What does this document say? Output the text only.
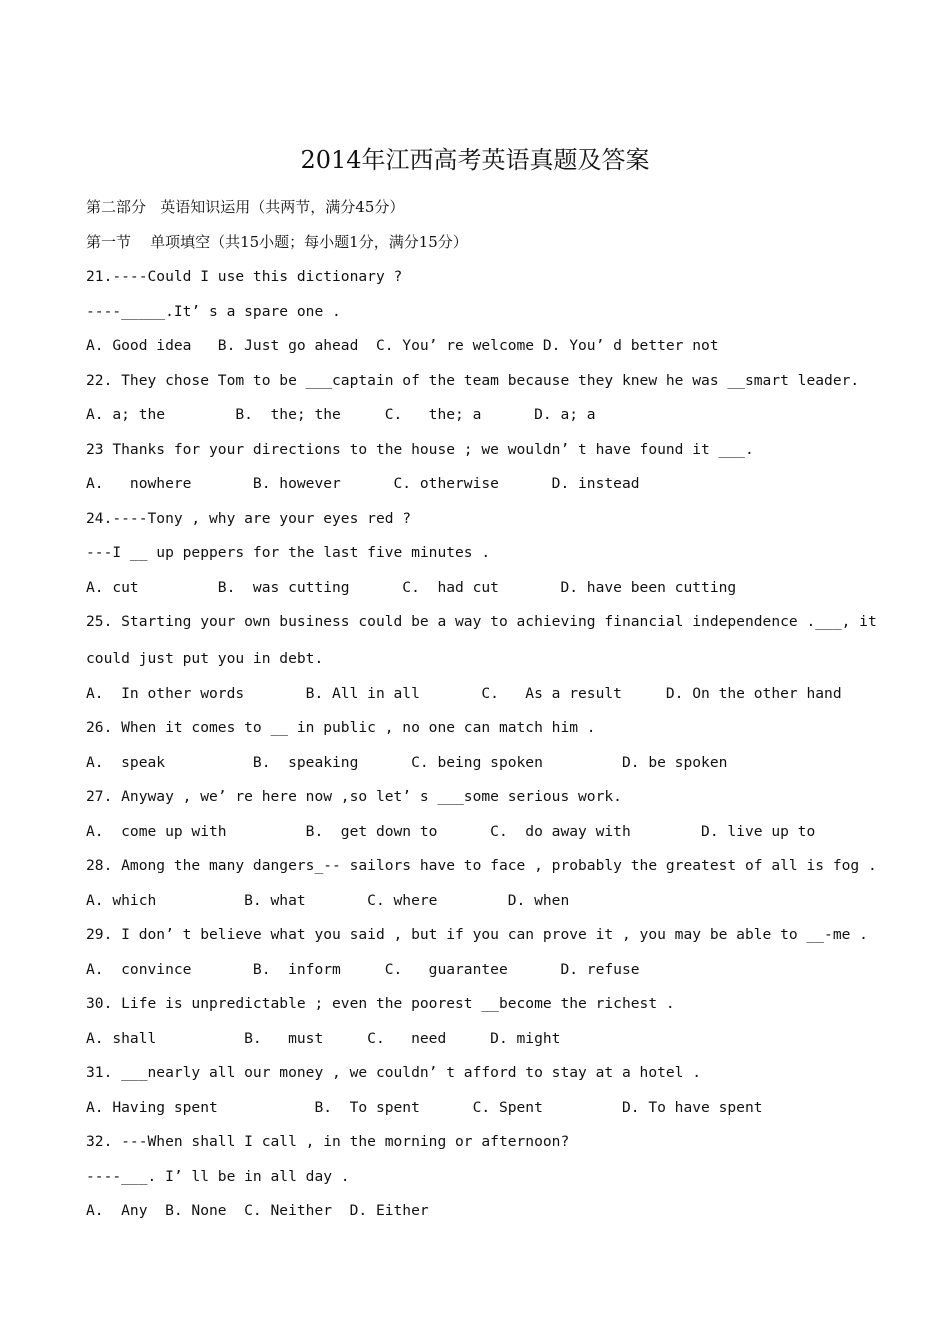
2014年江西高考英语真题及答案

第二部分   英语知识运用（共两节，满分45分）

第一节    单项填空（共15小题；每小题1分，满分15分）

21.----Could I use this dictionary ?

----_____.It’ s a spare one .

A. Good idea   B. Just go ahead  C. You’ re welcome D. You’ d better not

22. They chose Tom to be ___captain of the team because they knew he was __smart leader.

A. a; the        B.  the; the     C.   the; a      D. a; a

23 Thanks for your directions to the house ; we wouldn’ t have found it ___.

A.   nowhere       B. however      C. otherwise      D. instead

24.----Tony , why are your eyes red ?

---I __ up peppers for the last five minutes .

A. cut         B.  was cutting      C.  had cut       D. have been cutting

25. Starting your own business could be a way to achieving financial independence .___, it

could just put you in debt.

A.  In other words       B. All in all       C.   As a result     D. On the other hand

26. When it comes to __ in public , no one can match him .

A.  speak          B.  speaking      C. being spoken         D. be spoken

27. Anyway , we’ re here now ,so let’ s ___some serious work.

A.  come up with         B.  get down to      C.  do away with        D. live up to

28. Among the many dangers_-- sailors have to face , probably the greatest of all is fog .

A. which          B. what       C. where        D. when

29. I don’ t believe what you said , but if you can prove it , you may be able to __-me .

A.  convince       B.  inform     C.   guarantee      D. refuse

30. Life is unpredictable ; even the poorest __become the richest .

A. shall          B.   must     C.   need     D. might

31. ___nearly all our money , we couldn’ t afford to stay at a hotel .

A. Having spent           B.  To spent      C. Spent         D. To have spent

32. ---When shall I call , in the morning or afternoon?

----___. I’ ll be in all day .

A.  Any  B. None  C. Neither  D. Either
